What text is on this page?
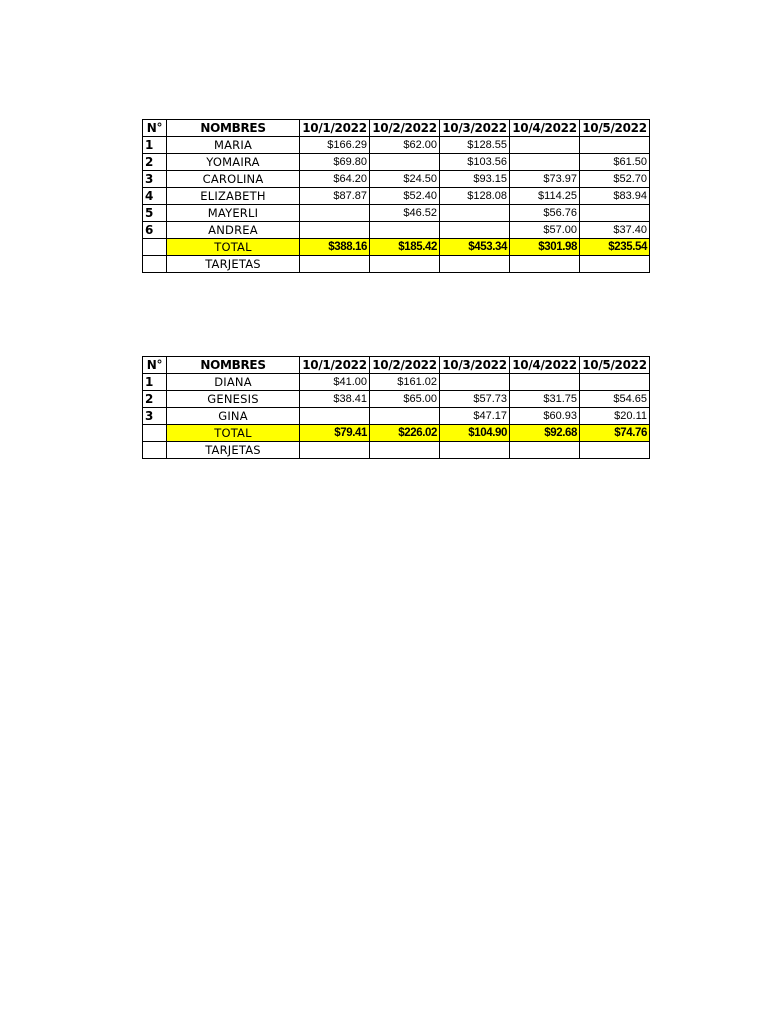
N°	NOMBRES	10/1/2022	10/2/2022	10/3/2022	10/4/2022	10/5/2022
1	MARIA	$166.29	$62.00	$128.55		
2	YOMAIRA	$69.80		$103.56		$61.50
3	CAROLINA	$64.20	$24.50	$93.15	$73.97	$52.70
4	ELIZABETH	$87.87	$52.40	$128.08	$114.25	$83.94
5	MAYERLI		$46.52		$56.76	
6	ANDREA				$57.00	$37.40
	TOTAL	$388.16	$185.42	$453.34	$301.98	$235.54
	TARJETAS					
N°	NOMBRES	10/1/2022	10/2/2022	10/3/2022	10/4/2022	10/5/2022
1	DIANA	$41.00	$161.02			
2	GENESIS	$38.41	$65.00	$57.73	$31.75	$54.65
3	GINA			$47.17	$60.93	$20.11
	TOTAL	$79.41	$226.02	$104.90	$92.68	$74.76
	TARJETAS					
